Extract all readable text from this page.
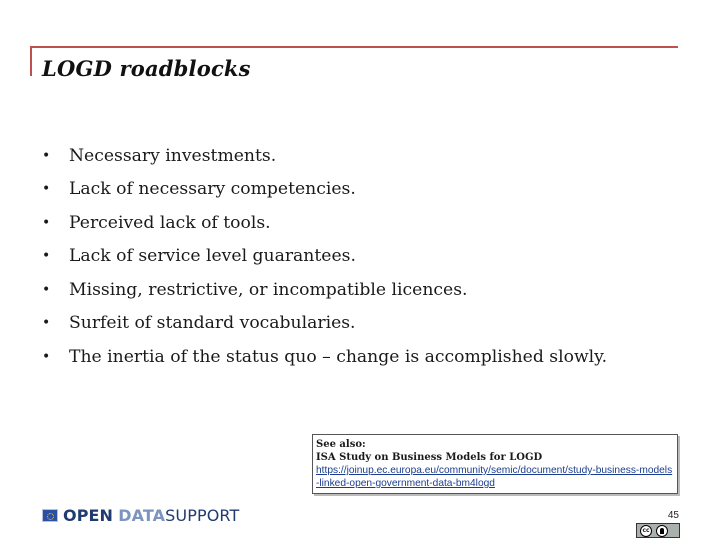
LOGD roadblocks
•	Necessary investments.
•	Lack of necessary competencies.
•	Perceived lack of tools.
•	Lack of service level guarantees.
•	Missing, restrictive, or incompatible licences.
•	Surfeit of standard vocabularies.
•	The inertia of the status quo – change is accomplished slowly.
See also:
ISA Study on Business Models for LOGD
https://joinup.ec.europa.eu/community/semic/document/study-business-models-linked-open-government-data-bm4logd
OPEN
DATA SUPPORT	45
cc
